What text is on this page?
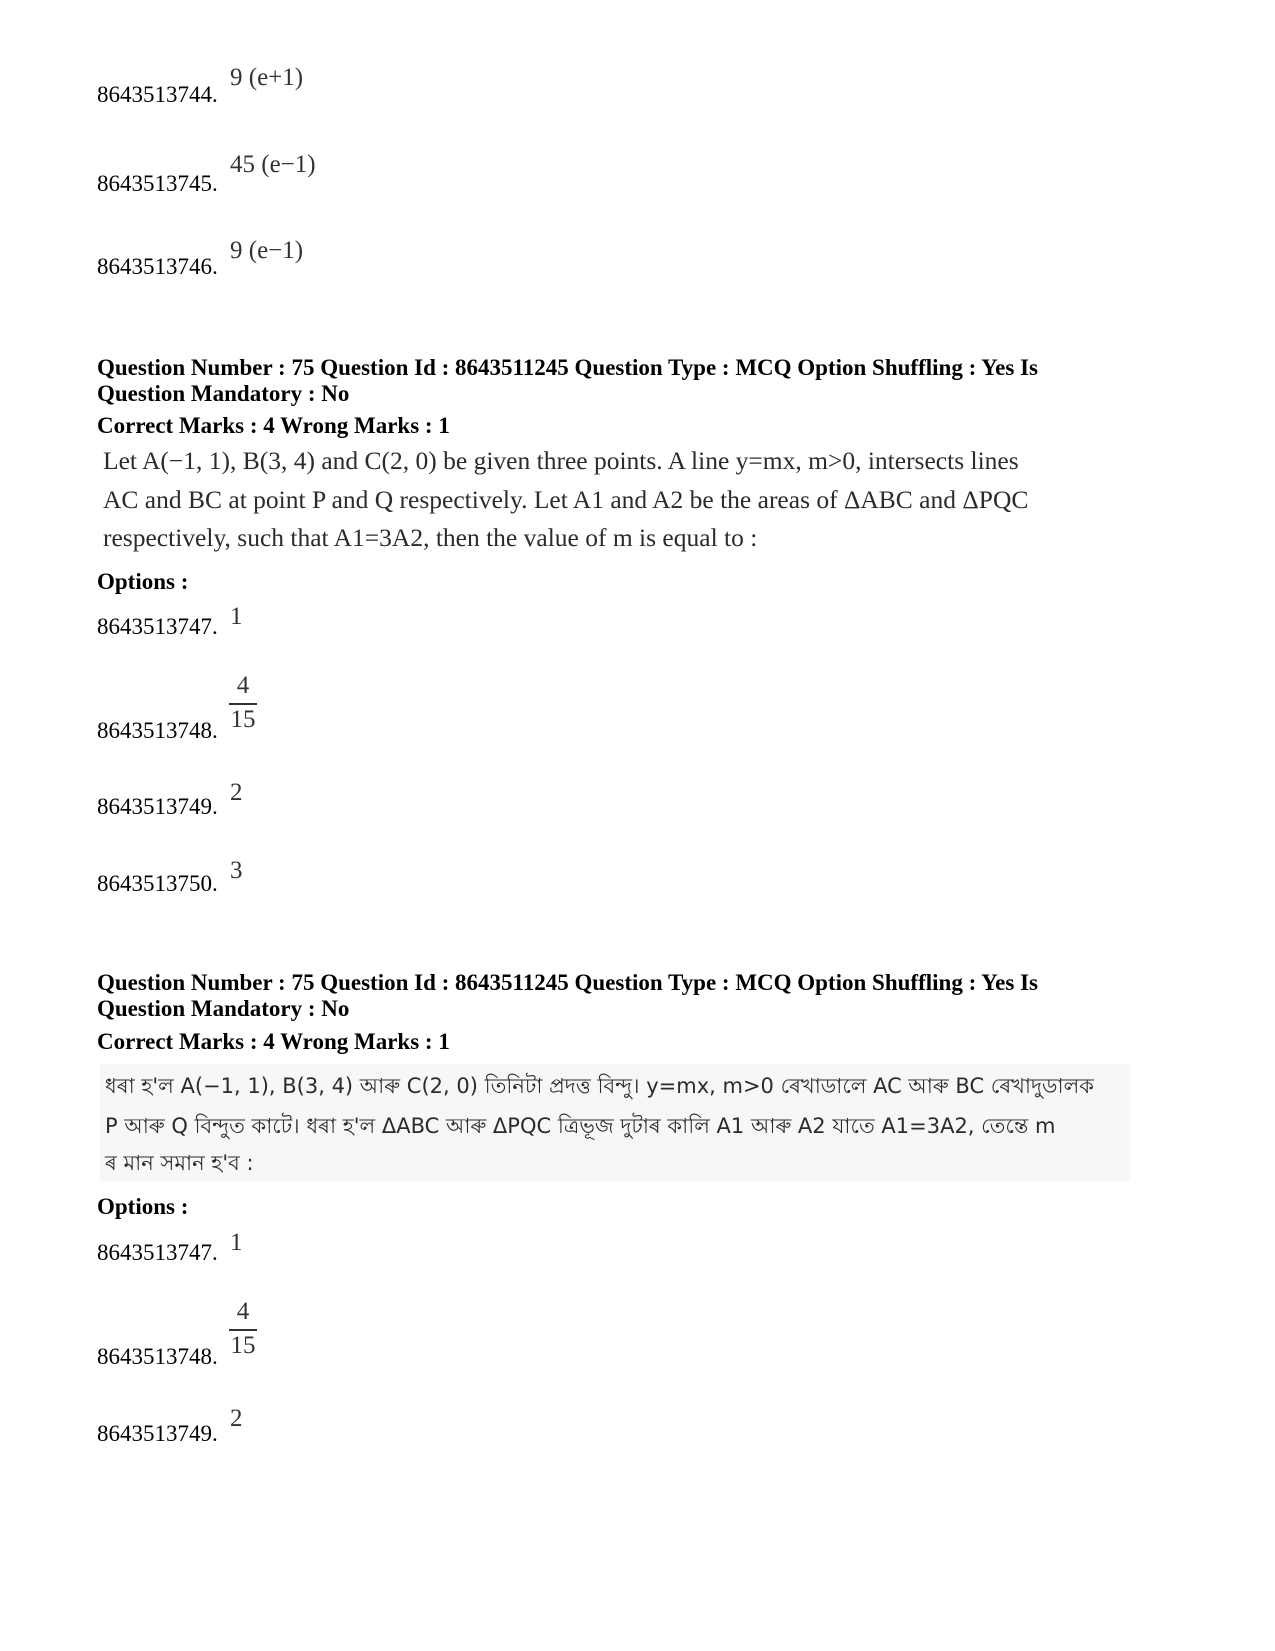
8643513744.
9 (e+1)
8643513745.
45 (e−1)
8643513746.
9 (e−1)
Question Number : 75 Question Id : 8643511245 Question Type : MCQ Option Shuffling : Yes Is
Question Mandatory : No
Correct Marks : 4 Wrong Marks : 1
Let A(−1, 1), B(3, 4) and C(2, 0) be given three points. A line y=mx, m>0, intersects lines
AC and BC at point P and Q respectively. Let A1 and A2 be the areas of ΔABC and ΔPQC
respectively, such that A1=3A2, then the value of m is equal to :
Options :
8643513747. 1
8643513748.
4
15
8643513749.
2
8643513750. 3
Question Number : 75 Question Id : 8643511245 Question Type : MCQ Option Shuffling : Yes Is
Question Mandatory : No
Correct Marks : 4 Wrong Marks : 1
ধৰা হ'ল A(−1, 1), B(3, 4) আৰু C(2, 0) তিনিটা প্ৰদত্ত বিন্দু। y=mx, m>0 ৰেখাডালে AC আৰু BC ৰেখাদুডালক
P আৰু Q বিন্দুত কাটে। ধৰা হ'ল ΔABC আৰু ΔPQC ত্ৰিভূজ দুটাৰ কালি A1 আৰু A2 যাতে A1=3A2, তেন্তে m
ৰ মান সমান হ'ব :
Options :
8643513747. 1
8643513748.
4
15
8643513749.
2
